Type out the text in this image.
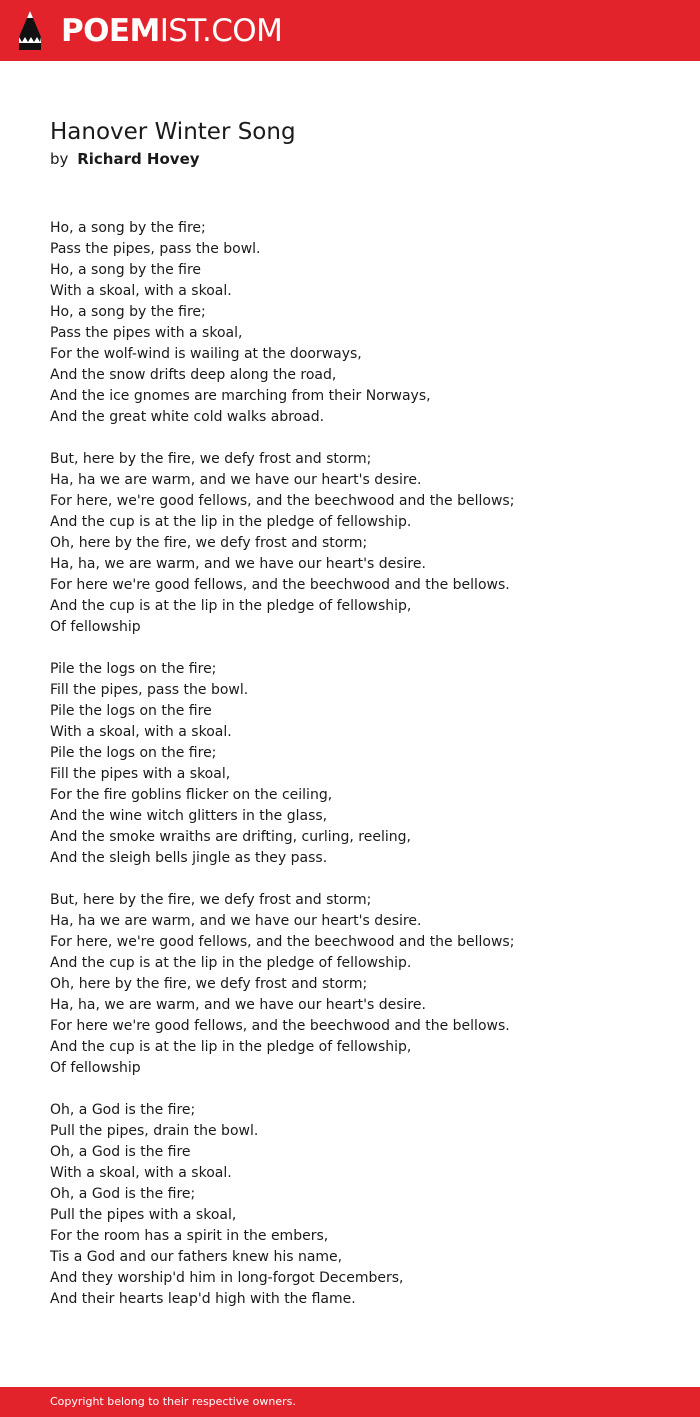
POEMIST.COM
Hanover Winter Song
by Richard Hovey
Ho, a song by the fire;
Pass the pipes, pass the bowl.
Ho, a song by the fire
With a skoal, with a skoal.
Ho, a song by the fire;
Pass the pipes with a skoal,
For the wolf-wind is wailing at the doorways,
And the snow drifts deep along the road,
And the ice gnomes are marching from their Norways,
And the great white cold walks abroad.
But, here by the fire, we defy frost and storm;
Ha, ha we are warm, and we have our heart's desire.
For here, we're good fellows, and the beechwood and the bellows;
And the cup is at the lip in the pledge of fellowship.
Oh, here by the fire, we defy frost and storm;
Ha, ha, we are warm, and we have our heart's desire.
For here we're good fellows, and the beechwood and the bellows.
And the cup is at the lip in the pledge of fellowship,
Of fellowship
Pile the logs on the fire;
Fill the pipes, pass the bowl.
Pile the logs on the fire
With a skoal, with a skoal.
Pile the logs on the fire;
Fill the pipes with a skoal,
For the fire goblins flicker on the ceiling,
And the wine witch glitters in the glass,
And the smoke wraiths are drifting, curling, reeling,
And the sleigh bells jingle as they pass.
But, here by the fire, we defy frost and storm;
Ha, ha we are warm, and we have our heart's desire.
For here, we're good fellows, and the beechwood and the bellows;
And the cup is at the lip in the pledge of fellowship.
Oh, here by the fire, we defy frost and storm;
Ha, ha, we are warm, and we have our heart's desire.
For here we're good fellows, and the beechwood and the bellows.
And the cup is at the lip in the pledge of fellowship,
Of fellowship
Oh, a God is the fire;
Pull the pipes, drain the bowl.
Oh, a God is the fire
With a skoal, with a skoal.
Oh, a God is the fire;
Pull the pipes with a skoal,
For the room has a spirit in the embers,
Tis a God and our fathers knew his name,
And they worship'd him in long-forgot Decembers,
And their hearts leap'd high with the flame.
Copyright belong to their respective owners.
